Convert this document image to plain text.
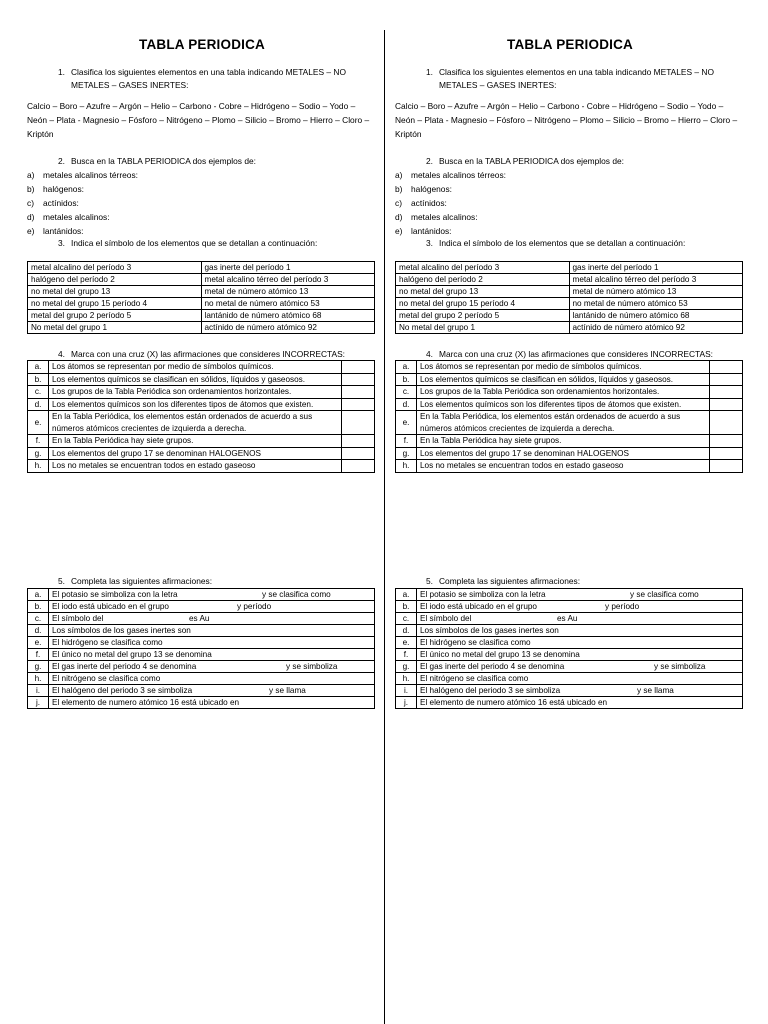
TABLA PERIODICA
1. Clasifica los siguientes elementos en una tabla indicando METALES – NO METALES – GASES INERTES:
Calcio – Boro – Azufre – Argón – Helio – Carbono - Cobre – Hidrógeno – Sodio – Yodo – Neón – Plata - Magnesio – Fósforo – Nitrógeno – Plomo – Silicio – Bromo – Hierro – Cloro – Kriptón
2. Busca en la TABLA PERIODICA dos ejemplos de:
a)	metales alcalinos térreos:
b)	halógenos:
c)	actínidos:
d)	metales alcalinos:
e)	lantánidos:
3. Indica el símbolo de los elementos que se detallan a continuación:
metal alcalino del período 3	gas inerte del período 1
halógeno del período 2	metal alcalino térreo del período 3
no metal del grupo 13	metal de número atómico 13
no metal del grupo 15 período 4	no metal de número atómico 53
metal del grupo 2 período 5	lantánido de número atómico 68
No metal del grupo 1	actínido de número atómico 92
4. Marca con una cruz (X) las afirmaciones que consideres INCORRECTAS:
a.	Los átomos se representan por medio de símbolos químicos.	
b.	Los elementos químicos se clasifican en sólidos, líquidos y gaseosos.	
c.	Los grupos de la Tabla Periódica son ordenamientos horizontales.	
d.	Los elementos químicos son los diferentes tipos de átomos que existen.	
e.	En la Tabla Periódica, los elementos están ordenados de acuerdo a sus números atómicos crecientes de izquierda a derecha.	
f.	En la Tabla Periódica hay siete grupos.	
g.	Los elementos del grupo 17 se denominan HALOGENOS	
h.	Los no metales se encuentran todos en estado gaseoso	
5. Completa las siguientes afirmaciones:
a.	El potasio se simboliza con la letra y se clasifica como

b.	El iodo está ubicado en el grupo y período

c.	El símbolo del es Au

d.	Los símbolos de los gases inertes son

e.	El hidrógeno se clasifica como

f.	El único no metal del grupo 13 se denomina

g.	El gas inerte del periodo 4 se denomina y se simboliza

h.	El nitrógeno se clasifica como

i.	El halógeno del periodo 3 se simboliza y se llama

j.	El elemento de numero atómico 16 está ubicado en
TABLA PERIODICA
1. Clasifica los siguientes elementos en una tabla indicando METALES – NO METALES – GASES INERTES:
Calcio – Boro – Azufre – Argón – Helio – Carbono - Cobre – Hidrógeno – Sodio – Yodo – Neón – Plata - Magnesio – Fósforo – Nitrógeno – Plomo – Silicio – Bromo – Hierro – Cloro – Kriptón
2. Busca en la TABLA PERIODICA dos ejemplos de:
a)	metales alcalinos térreos:
b)	halógenos:
c)	actínidos:
d)	metales alcalinos:
e)	lantánidos:
3. Indica el símbolo de los elementos que se detallan a continuación:
metal alcalino del período 3	gas inerte del período 1
halógeno del período 2	metal alcalino térreo del período 3
no metal del grupo 13	metal de número atómico 13
no metal del grupo 15 período 4	no metal de número atómico 53
metal del grupo 2 período 5	lantánido de número atómico 68
No metal del grupo 1	actínido de número atómico 92
4. Marca con una cruz (X) las afirmaciones que consideres INCORRECTAS:
a.	Los átomos se representan por medio de símbolos químicos.	
b.	Los elementos químicos se clasifican en sólidos, líquidos y gaseosos.	
c.	Los grupos de la Tabla Periódica son ordenamientos horizontales.	
d.	Los elementos químicos son los diferentes tipos de átomos que existen.	
e.	En la Tabla Periódica, los elementos están ordenados de acuerdo a sus números atómicos crecientes de izquierda a derecha.	
f.	En la Tabla Periódica hay siete grupos.	
g.	Los elementos del grupo 17 se denominan HALOGENOS	
h.	Los no metales se encuentran todos en estado gaseoso	
5. Completa las siguientes afirmaciones:
a.	El potasio se simboliza con la letra y se clasifica como

b.	El iodo está ubicado en el grupo y período

c.	El símbolo del es Au

d.	Los símbolos de los gases inertes son

e.	El hidrógeno se clasifica como

f.	El único no metal del grupo 13 se denomina

g.	El gas inerte del periodo 4 se denomina y se simboliza

h.	El nitrógeno se clasifica como

i.	El halógeno del periodo 3 se simboliza y se llama

j.	El elemento de numero atómico 16 está ubicado en
